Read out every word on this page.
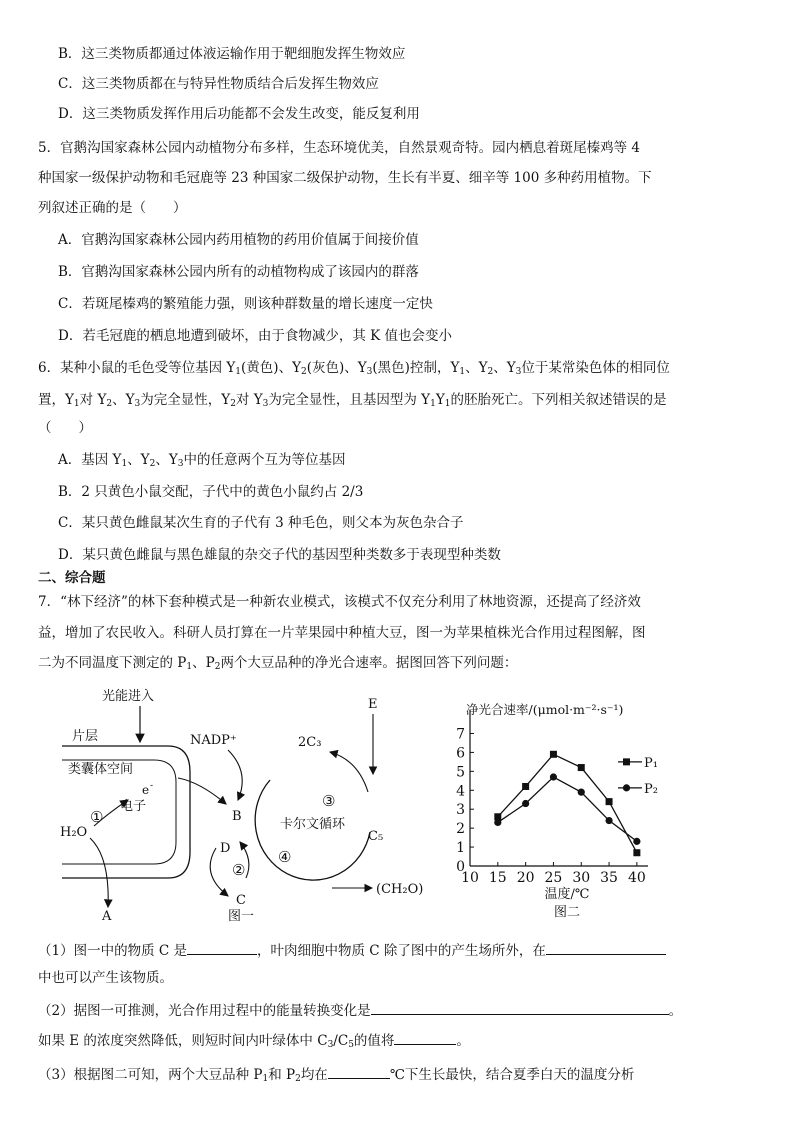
B．这三类物质都通过体液运输作用于靶细胞发挥生物效应
C．这三类物质都在与特异性物质结合后发挥生物效应
D．这三类物质发挥作用后功能都不会发生改变，能反复利用
5．官鹅沟国家森林公园内动植物分布多样，生态环境优美，自然景观奇特。园内栖息着斑尾榛鸡等 4
种国家一级保护动物和毛冠鹿等 23 种国家二级保护动物，生长有半夏、细辛等 100 多种药用植物。下
列叙述正确的是（　　）
A．官鹅沟国家森林公园内药用植物的药用价值属于间接价值
B．官鹅沟国家森林公园内所有的动植物构成了该园内的群落
C．若斑尾榛鸡的繁殖能力强，则该种群数量的增长速度一定快
D．若毛冠鹿的栖息地遭到破坏，由于食物减少，其 K 值也会变小
6．某种小鼠的毛色受等位基因 $Y_1$(黄色)、$Y_2$(灰色)、$Y_3$(黑色)控制，$Y_1$、$Y_2$、$Y_3$位于某常染色体的相同位
置，$Y_1$对 $Y_2$、$Y_3$为完全显性，$Y_2$对 $Y_3$为完全显性，且基因型为 $Y_1Y_1$的胚胎死亡。下列相关叙述错误的是
（　　）
A．基因 $Y_1$、$Y_2$、$Y_3$中的任意两个互为等位基因
B．2 只黄色小鼠交配，子代中的黄色小鼠约占 2/3
C．某只黄色雌鼠某次生育的子代有 3 种毛色，则父本为灰色杂合子
D．某只黄色雌鼠与黑色雄鼠的杂交子代的基因型种类数多于表现型种类数
二、综合题
7．“林下经济”的林下套种模式是一种新农业模式，该模式不仅充分利用了林地资源，还提高了经济效
益，增加了农民收入。科研人员打算在一片苹果园中种植大豆，图一为苹果植株光合作用过程图解，图
二为不同温度下测定的 $P_1$、$P_2$两个大豆品种的净光合速率。据图回答下列问题：
光能进入
片层
类囊体空间
e -
电子
H₂O
①
A
NADP⁺
B
D
②
C
2C₃
E
③
卡尔文循环
C₅
④
(CH₂O)
图一
净光合速率/(μmol·m⁻²·s⁻¹)
0
1
2
3
4
5
6
7
10 15 20 25 30 35 40
温度/℃
图二
P₁
P₂
（1）图一中的物质 C 是	，叶肉细胞中物质 C 除了图中的产生场所外，在
中也可以产生该物质。
（2）据图一可推测，光合作用过程中的能量转换变化是	。
如果 E 的浓度突然降低，则短时间内叶绿体中 $C_3/C_5$的值将	。
（3）根据图二可知，两个大豆品种 $P_1$和 $P_2$均在	℃下生长最快，结合夏季白天的温度分析
